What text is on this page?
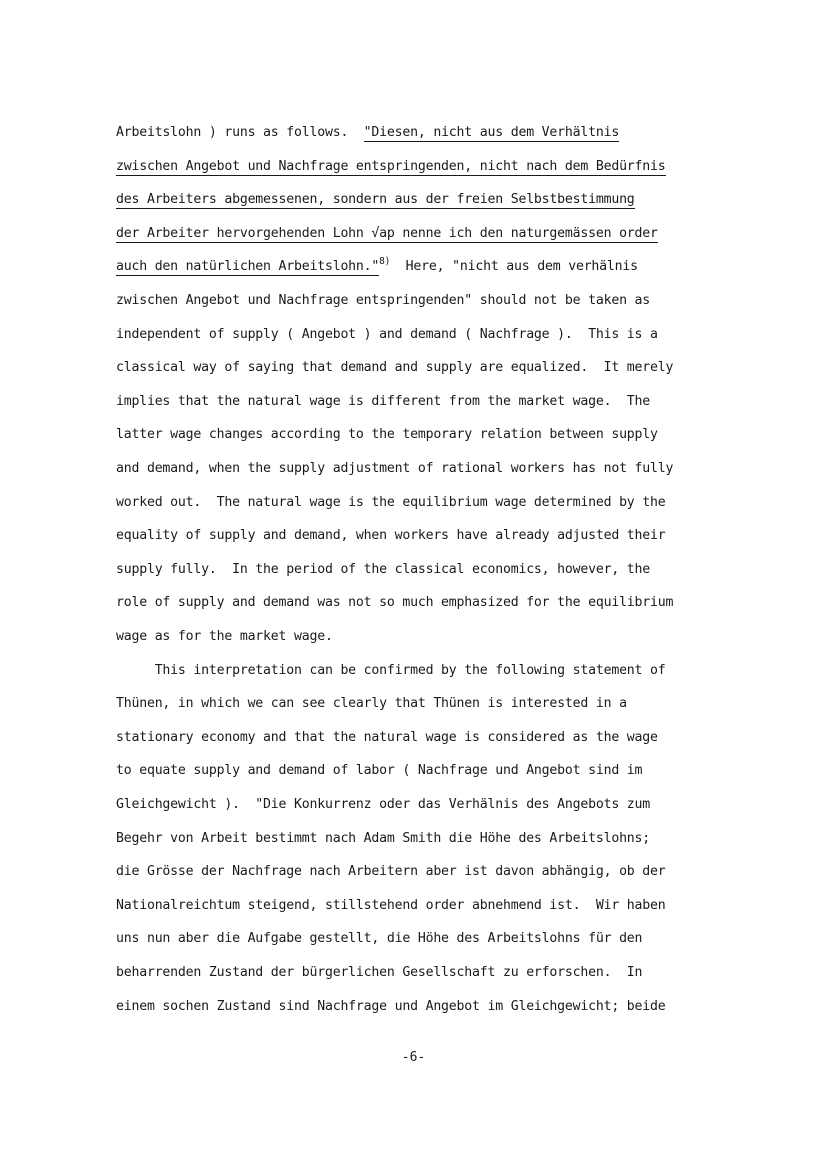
Arbeitslohn ) runs as follows.  "Diesen, nicht aus dem Verhältnis

zwischen Angebot und Nachfrage entspringenden, nicht nach dem Bedürfnis

des Arbeiters abgemessenen, sondern aus der freien Selbstbestimmung

der Arbeiter hervorgehenden Lohn √ap nenne ich den naturgemässen order

auch den natürlichen Arbeitslohn."$^{8)}$  Here, "nicht aus dem verhälnis

zwischen Angebot und Nachfrage entspringenden" should not be taken as

independent of supply ( Angebot ) and demand ( Nachfrage ).  This is a

classical way of saying that demand and supply are equalized.  It merely

implies that the natural wage is different from the market wage.  The

latter wage changes according to the temporary relation between supply

and demand, when the supply adjustment of rational workers has not fully

worked out.  The natural wage is the equilibrium wage determined by the

equality of supply and demand, when workers have already adjusted their

supply fully.  In the period of the classical economics, however, the

role of supply and demand was not so much emphasized for the equilibrium

wage as for the market wage.

This interpretation can be confirmed by the following statement of

Thünen, in which we can see clearly that Thünen is interested in a

stationary economy and that the natural wage is considered as the wage

to equate supply and demand of labor ( Nachfrage und Angebot sind im

Gleichgewicht ).  "Die Konkurrenz oder das Verhälnis des Angebots zum

Begehr von Arbeit bestimmt nach Adam Smith die Höhe des Arbeitslohns;

die Grösse der Nachfrage nach Arbeitern aber ist davon abhängig, ob der

Nationalreichtum steigend, stillstehend order abnehmend ist.  Wir haben

uns nun aber die Aufgabe gestellt, die Höhe des Arbeitslohns für den

beharrenden Zustand der bürgerlichen Gesellschaft zu erforschen.  In

einem sochen Zustand sind Nachfrage und Angebot im Gleichgewicht; beide

-6-
